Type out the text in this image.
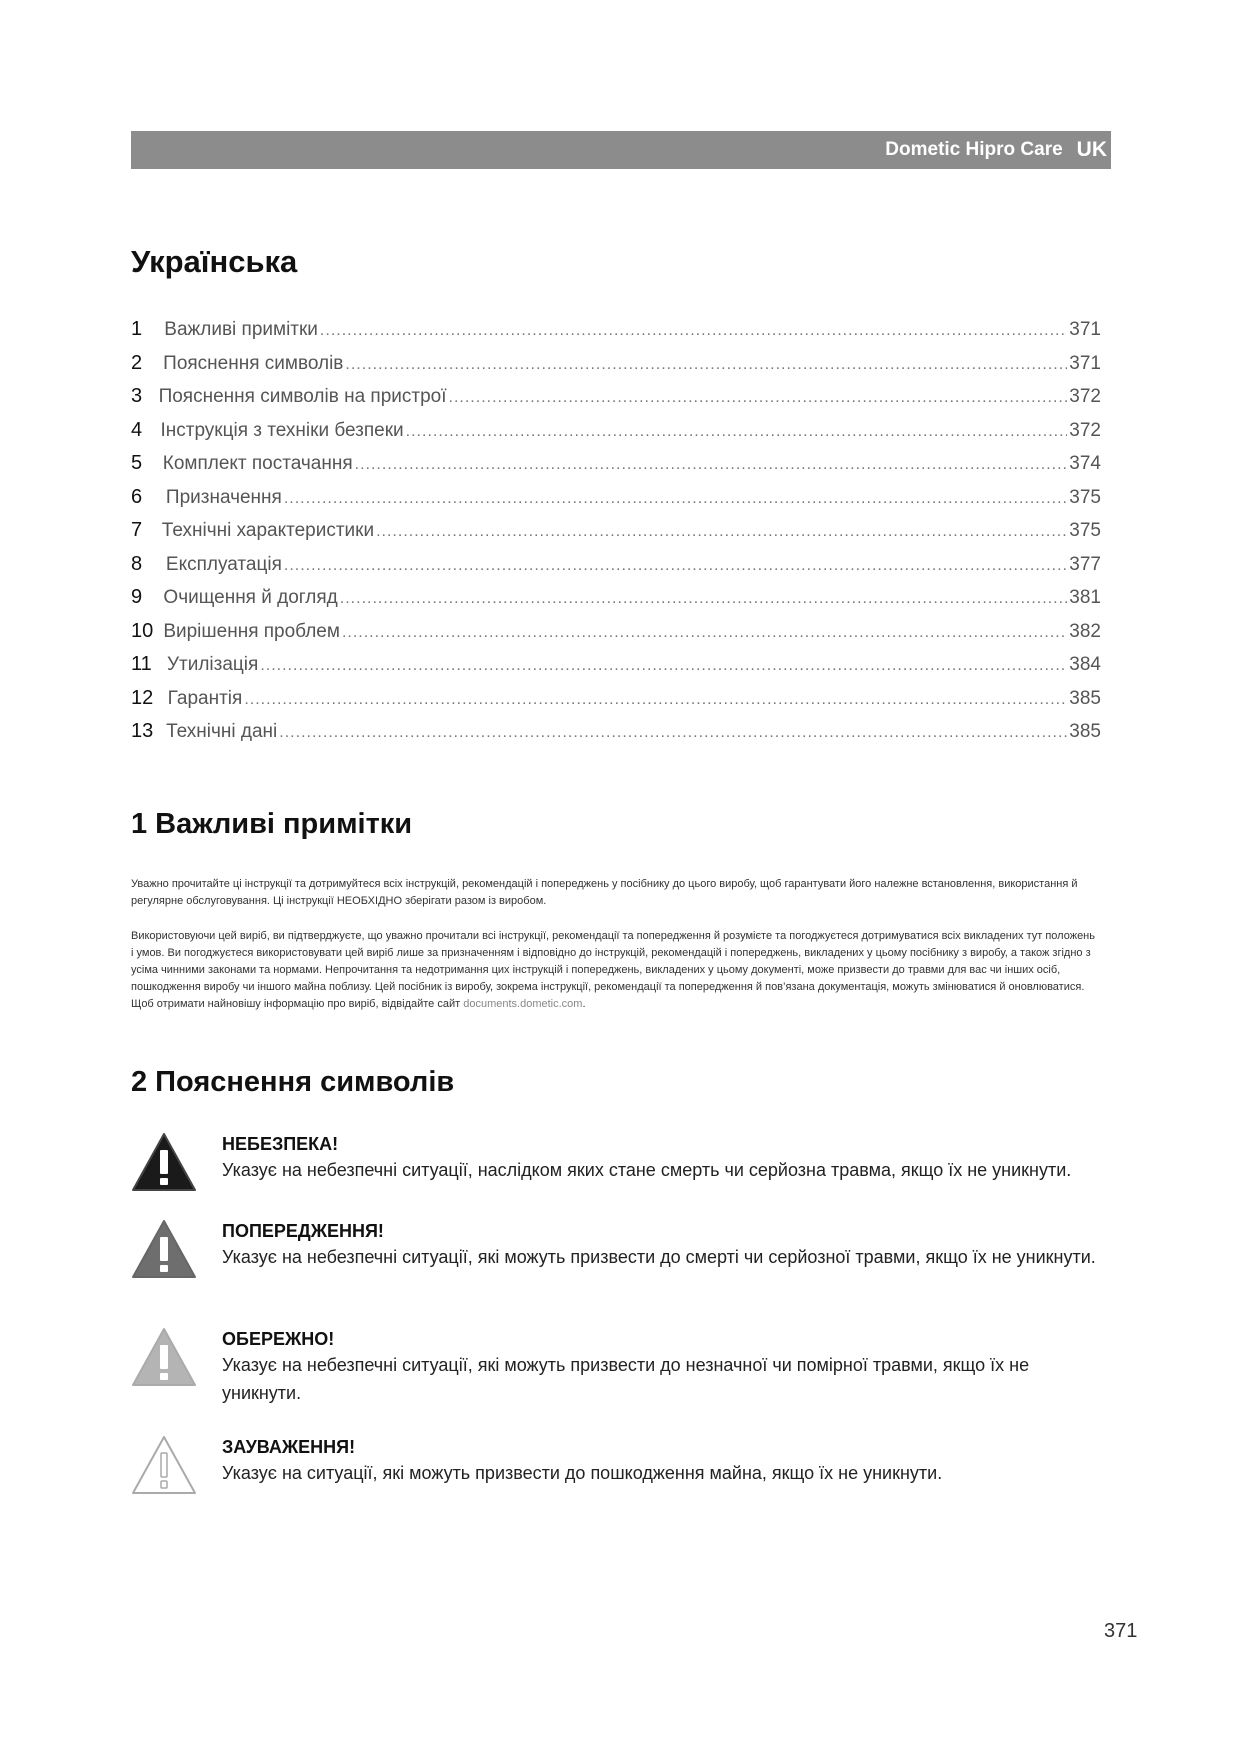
Dometic Hipro Care UK
Українська
1	Важливі примітки .....	371
2	Пояснення символів .....	371
3 Пояснення символів на пристрої .....	372
4 Інструкція з техніки безпеки .....	372
5	Комплект постачання .....	374
6	Призначення .....	375
7	Технічні характеристики .....	375
8	Експлуатація .....	377
9	Очищення й догляд .....	381
10 Вирішення проблем .....	382
11 Утилізація .....	384
12 Гарантія .....	385
13 Технічні дані .....	385
1 Важливі примітки

Уважно прочитайте ці інструкції та дотримуйтеся всіх інструкцій, рекомендацій і попереджень у посібнику до цього виробу, щоб гарантувати його належне встановлення, використання й регулярне обслуговування. Ці інструкції НЕОБХІДНО зберігати разом із виробом.

Використовуючи цей виріб, ви підтверджуєте, що уважно прочитали всі інструкції, рекомендації та попередження й розумієте та погоджуєтеся дотримуватися всіх викладених тут положень і умов. Ви погоджуєтеся використовувати цей виріб лише за призначенням і відповідно до інструкцій, рекомендацій і попереджень, викладених у цьому посібнику з виробу, а також згідно з усіма чинними законами та нормами. Непрочитання та недотримання цих інструкцій і попереджень, викладених у цьому документі, може призвести до травми для вас чи інших осіб, пошкодження виробу чи іншого майна поблизу. Цей посібник із виробу, зокрема інструкції, рекомендації та попередження й пов’язана документація, можуть змінюватися й оновлюватися. Щоб отримати найновішу інформацію про виріб, відвідайте сайт documents.dometic.com.

2 Пояснення символів
НЕБЕЗПЕКА!
Указує на небезпечні ситуації, наслідком яких стане смерть чи серйозна травма, якщо їх не уникнути.
ПОПЕРЕДЖЕННЯ!
Указує на небезпечні ситуації, які можуть призвести до смерті чи серйозної травми, якщо їх не уникнути.
ОБЕРЕЖНО!
Указує на небезпечні ситуації, які можуть призвести до незначної чи помірної травми, якщо їх не уникнути.
ЗАУВАЖЕННЯ!
Указує на ситуації, які можуть призвести до пошкодження майна, якщо їх не уникнути.
371
